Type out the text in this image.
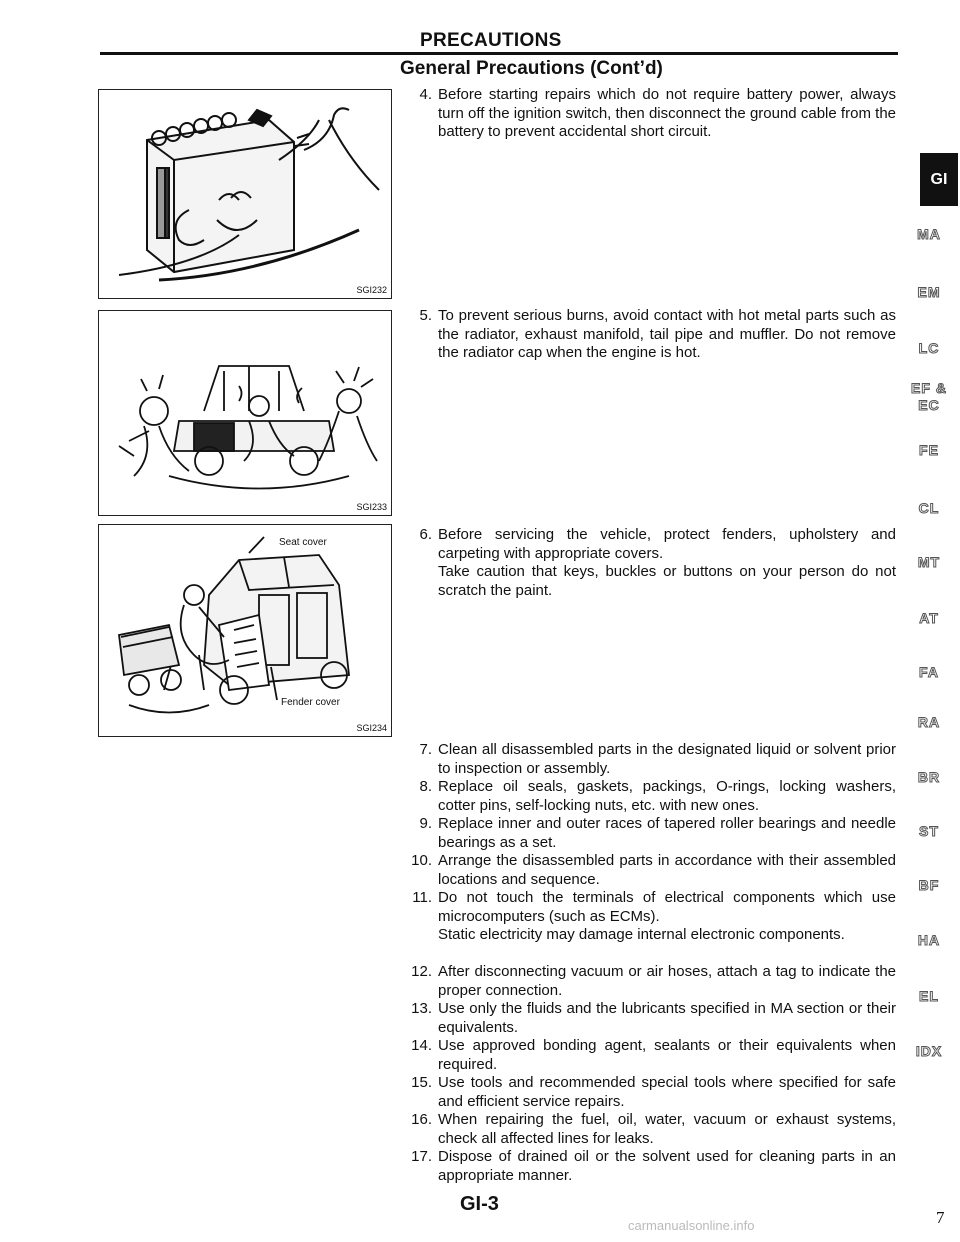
PRECAUTIONS
General Precautions (Cont’d)
SGI232
SGI233
Seat cover
Fender cover
SGI234
4. Before starting repairs which do not require battery power, always turn off the ignition switch, then disconnect the ground cable from the battery to prevent accidental short circuit.
5. To prevent serious burns, avoid contact with hot metal parts such as the radiator, exhaust manifold, tail pipe and muffler. Do not remove the radiator cap when the engine is hot.
6. Before servicing the vehicle, protect fenders, upholstery and carpeting with appropriate covers.
Take caution that keys, buckles or buttons on your person do not scratch the paint.
7. Clean all disassembled parts in the designated liquid or solvent prior to inspection or assembly.
8. Replace oil seals, gaskets, packings, O-rings, locking washers, cotter pins, self-locking nuts, etc. with new ones.
9. Replace inner and outer races of tapered roller bearings and needle bearings as a set.
10. Arrange the disassembled parts in accordance with their assembled locations and sequence.
11. Do not touch the terminals of electrical components which use microcomputers (such as ECMs).
Static electricity may damage internal electronic components.
12. After disconnecting vacuum or air hoses, attach a tag to indicate the proper connection.
13. Use only the fluids and the lubricants specified in MA section or their equivalents.
14. Use approved bonding agent, sealants or their equivalents when required.
15. Use tools and recommended special tools where specified for safe and efficient service repairs.
16. When repairing the fuel, oil, water, vacuum or exhaust systems, check all affected lines for leaks.
17. Dispose of drained oil or the solvent used for cleaning parts in an appropriate manner.
GI
MA
EM
LC
EF &
EC
FE
CL
MT
AT
FA
RA
BR
ST
BF
HA
EL
IDX
GI-3
7
carmanualsonline.info
